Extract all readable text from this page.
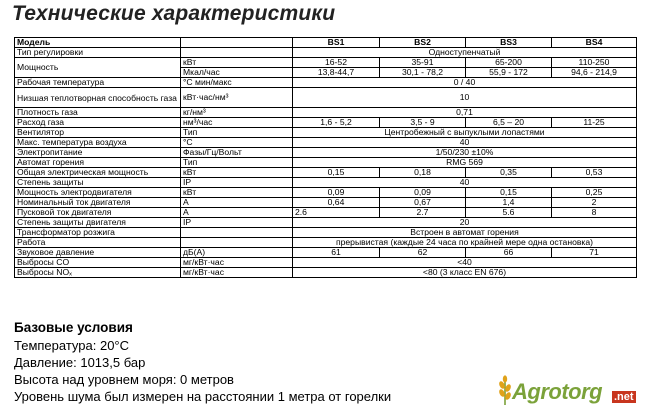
Технические характеристики
Модель		BS1	BS2	BS3	BS4
Тип регулировки		Одноступенчатый			
Мощность	кВт	16-52	35-91	65-200	110-250
	Мкал/час	13,8-44,7	30,1 - 78,2	55,9 - 172	94,6 - 214,9
Рабочая температура	°С мин/макс	0 / 40			
Низшая теплотворная способность газа	кВт·час/нм³	10			
Плотность газа	кг/нм³	0,71			
Расход газа	нм³/час	1,6 - 5,2	3,5 - 9	6,5 – 20	11-25
Вентилятор	Тип	Центробежный с выпуклыми лопастями			
Макс. температура воздуха	°С	40			
Электропитание	Фазы/Гц/Вольт	1/50/230 ±10%			
Автомат горения	Тип	RMG 569			
Общая электрическая мощность	кВт	0,15	0,18	0,35	0,53
Степень защиты	IP	40			
Мощность электродвигателя	кВт	0,09	0,09	0,15	0,25
Номинальный ток двигателя	А	0,64	0,67	1,4	2
Пусковой ток двигателя	А	2.6	2.7	5.6	8
Степень защиты двигателя	IP	20			
Трансформатор розжига		Встроен в автомат горения			
Работа		прерывистая (каждые 24 часа по крайней мере одна остановка)			
Звуковое давление	дБ(А)	61	62	66	71
Выбросы CO	мг/кВт·час	<40			
Выбросы NOₓ	мг/кВт·час	<80 (3 класс EN 676)			
Базовые условия
Температура: 20°С
Давление: 1013,5 бар
Высота над уровнем моря: 0 метров
Уровень шума был измерен на расстоянии 1 метра от горелки	Agrotorg .net
